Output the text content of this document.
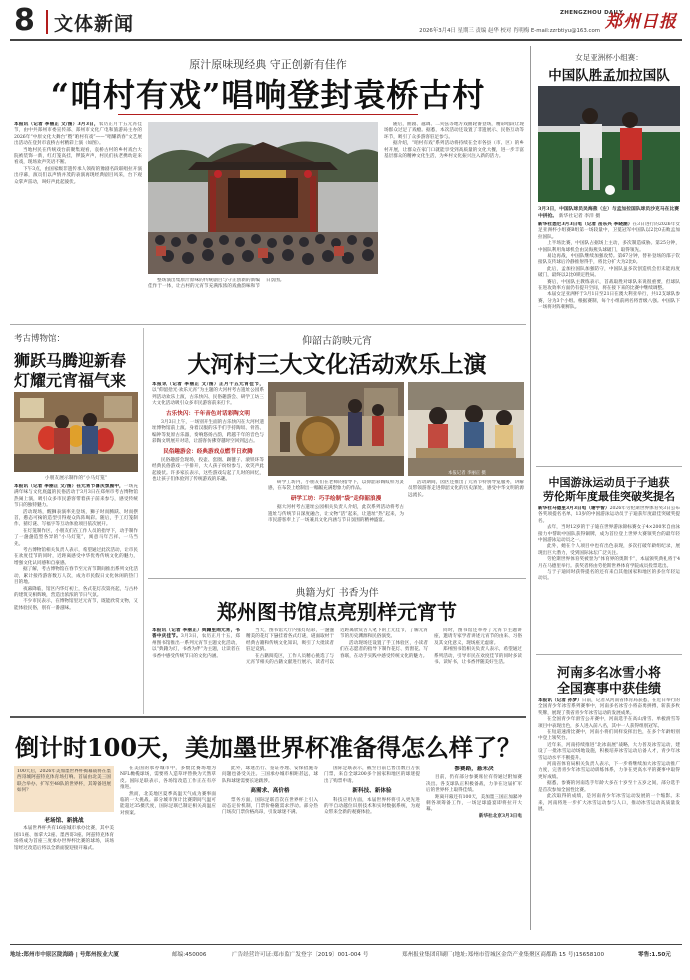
8	文体新闻	ZHENGZHOU DAILY
郑州日报
2026年3月4日 星期三 责编 赵华 校对 肖明梅 E-mail:zzrbtiyu@163.com
原汁原味现经典 守正创新有佳作
“咱村有戏”唱响登封袁桥古村

本报讯（记者 李丽正 文/图）3月3日，农历正月十五元宵佳节，由中共郑州市委宣传部、郑州市文化广电和旅游局主办的2026年“中原文化大舞台”暨“咱村有戏”——“唱耀新春”文艺展出活动在登封市袁桥古村精彩上演（如图）。

当地村民在传统戏台前聚集观看，袁桥古村的乡村戏台大院被装饰一新，红灯笼高挂，锣鼓声声，村民们扶老携幼赶来看戏，现场欢声笑语不断。

下午3点，由国家级非遗传承人领衔的豫剧名段联唱拉开演出序幕，演员们以声情并茂的表演再现经典剧目风采，台下观众掌声雷动，叫好声此起彼伏。

整场演出集原汁原味的传统剧目与守正创新的新编佳作于一体，让古村的元宵节充满浓浓的戏曲韵味和节日氛围。

随后，曲剧、越调、二夹弦等地方戏曲轮番登场，精彩唱段让现场群众过足了戏瘾。据悉，本次活动还设置了非遗展示、民俗互动等环节，吸引了众多游客驻足参与。

据介绍，“咱村有戏”系列活动将持续在全市各县（市、区）的乡村开展，让群众在家门口就能享受到高质量的文化大餐，进一步丰富基层群众的精神文化生活，为乡村文化振兴注入新的活力。

考古博物馆：
狮跃马腾迎新春
灯耀元宵福气来
小朋友展示制作的“小马灯笼”

本报讯（记者 李丽正 文/图）在元宵节喜庆氛围中，一场充满年味与文化底蕴的民俗活动于3月3日在郑州市考古博物馆热闹上演，吸引众多市民游客带着孩子前来参与，感受传统节日的独特魅力。

活动现场，醒狮表演率先登场，狮子时而腾跃、时而摆首，憨态可掬的造型引得观众阵阵喝彩。随后，手工灯笼制作、猜灯谜、写福字等互动体验项目依次展开。

在灯笼制作区，小朋友们在工作人员的指导下，动手制作了一盏盏造型各异的“小马灯笼”，寓意马年吉祥、一马当先。

考古博物馆相关负责人表示，希望通过此次活动，让市民在欢度佳节的同时，近距离感受中华优秀传统文化的魅力，增强文化认同感和自豪感。

据了解，考古博物馆在春节至元宵节期间推出系列文化活动，累计接待游客数万人次，成为市民假日文化休闲的热门目的地。

夜幕降临，馆区内华灯初上，各式花灯次第亮起，与古朴的建筑交相辉映，营造出浓浓的节日气氛。

不少市民表示，在博物馆里过元宵节，既能欣赏文物，又能体验民俗，别有一番滋味。

仰韶古韵映元宵
大河村三大文化活动欢乐上演

本报讯（记者 李丽正 文/图）正月十五元宵佳节，以“仰韶拾光·欢乐元宵”为主题的大河村考古遗址公园系列活动欢乐上演，古乐快闪、民俗趣游会、研学工坊三大文化活动吸引众多市民游客前来打卡。

古乐快闪：千年音色对话彩陶文明

3月3日上午，一场别开生面的古乐快闪在大河村遗址博物馆前上演。身着汉服的乐手们手持陶埙、骨笛、编钟等复原古乐器，奏响悠扬古韵，跨越千年的音色与彩陶文明展开对话，让游客仿佛穿越时空回到远古。

民俗趣游会：经典游戏点燃节日欢腾

民俗趣游会现场，投壶、套圈、踢毽子、滚铁环等经典民俗游戏一字排开，大人孩子纷纷参与，欢笑声此起彼伏。许多家长表示，这些游戏勾起了儿时的回忆，也让孩子们体验到了传统游戏的乐趣。

研学工坊内，小朋友们在老师的指导下，以仰韶彩陶纹样为灵感，在布袋上绘制出一幅幅充满想象力的作品。

研学工坊：巧手绘制“袋”走仰韶浪漫

据大河村考古遗址公园相关负责人介绍，此次系列活动将考古遗址与传统节日深度融合，让文物“活”起来，让遗址“热”起来，为市民游客奉上了一场兼具文化内涵与节日氛围的精神盛宴。

本报记者 李丽正 摄

活动期间，园区还推出了元宵节特别导览服务，讲解员带领游客走进仰韶文化的历史深处，感受中华文明的源远流长。

典籍为灯 书香为伴
郑州图书馆点亮别样元宵节

本报讯（记者 李丽正）典籍里闹元宵，书香中庆佳节。3月3日，农历正月十五，郑州图书馆推出一系列元宵节主题文化活动，以“典籍为灯，书香为伴”为主题，让读者在书香中感受传统节日的文化内涵。

当天，图书馆大厅内张灯结彩，一盏盏精美的花灯下悬挂着各式灯谜，谜面取材于经典古籍和传统文化知识，吸引了大批读者驻足竞猜。

在古籍阅览区，工作人员精心挑选了与元宵节相关的古籍文献进行展示，读者可以近距离欣赏古人笔下的上元佳节，了解元宵节的历史渊源和民俗演变。

活动现场还设置了手工体验区，小读者们在志愿者的指导下制作花灯、剪窗花、写春联，在动手实践中感受传统文化的魅力。

同时，图书馆还举办了元宵节主题讲座，邀请专家学者讲述元宵节的由来、习俗及其文化意义，现场座无虚席。

郑州图书馆相关负责人表示，希望通过系列活动，引导市民在欢度佳节的同时多读书、读好书，让书香伴随美好生活。

倒计时100天，美加墨世界杯准备得怎么样了？
100天后，2026年美加墨世界杯揭幕战将在墨西哥城阿兹特克体育场打响。首届由北美三国联合举办、扩军至48队的世界杯，其筹备进展如何？

老场馆、新挑战

本届世界杯共有16座城市承办比赛，其中美国11座、加拿大2座、墨西哥3座。阿兹特克体育场将成为首座三度承办世界杯比赛的球场，该场馆经过改造后将以全新面貌迎接开幕式。

在美国的承办城市中，多数比赛场地为NFL橄榄球场，需要将人造草坪替换为天然草皮。国际足联表示，各场馆改造工作正在有序推进。

然而，北美地区夏季高温天气成为赛事面临的一大挑战。部分城市预计比赛期间气温可能超过35摄氏度，国际足联已制定相关高温应对预案。

此外，球迷出行、签证办理、安保措施等问题也备受关注。三国承办城市相距甚远，球队和球迷需要长途跋涉。

高需求、高价格

票务方面，国际足联首次在世界杯上引入动态定价机制，门票价格随需求浮动。部分热门场次门票价格高昂，引发球迷不满。

国际足联表示，截至目前已售出数百万张门票，来自全球200多个国家和地区的球迷提出了购票申请。

新科技、新体验

科技应用方面，本届世界杯将引入更先进的半自动越位识别技术和实时数据系统，为观众带来全新的观赛体验。

参赛路，悬未决

目前，仍有部分参赛席位有待通过附加赛决出。各支球队正积极备战，力争在这届扩军后的世界杯上取得佳绩。

距离开幕还有100天，美加墨三国正加紧冲刺各项筹备工作，一场足球盛宴即将拉开大幕。

新华社北京3月3日电

女足亚洲杯小组赛：
中国队胜孟加拉国队
3月3日，中国队球员吴海燕（左）与孟加拉国队球员沙克马在比赛中拼抢。 新华社记者 李洋 摄

新华社悉尼3月3日电（记者 岳东兴 李晓涵）在3日进行的2026年女足亚洲杯小组赛B组第一场较量中，卫冕冠军中国队以2比0击败孟加拉国队。

上半场比赛，中国队占据场上主动，多次制造威胁。第25分钟，中国队利用角球机会由吴海燕头球破门，取得领先。

易边再战，中国队继续加强攻势。第67分钟，替补登场的邵子钦接队友传球后冷静推射得手，将比分扩大为2比0。

此后，孟加拉国队加强防守，中国队虽多次创造机会但未能再度破门，最终以2比0锁定胜局。

赛后，中国队主教练表示，首战取胜对球队来说很重要，但球队在进攻效率方面仍有提升空间，将在接下来的比赛中继续调整。

本届女足亚洲杯于3月1日至21日在澳大利亚举行，共12支球队参赛，分为3个小组。根据赛制，每个小组前两名将晋级八强。中国队下一场将对阵朝鲜队。

中国游泳运动员于子迪获
劳伦斯年度最佳突破奖提名

新华社马德里3月3日电（谢宇智）2026年劳伦斯世界体育奖3日公布各奖项提名名单，13岁的中国游泳运动员于子迪获年度最佳突破奖提名。

去年，当时12岁的于子迪在世界游泳锦标赛女子4×200米自由泳接力中帮助中国队获得铜牌，成为首位登上世界大赛领奖台的最年轻中国游泳运动员之一。

此外，她在个人项目中也有出色表现，多次打破年龄组纪录，展现出巨大潜力，受到国际泳坛广泛关注。

劳伦斯世界体育奖被誉为“体育界的奥斯卡”，本届颁奖典礼将于4月在马德里举行。获奖者将由劳伦斯世界体育学院成员投票选出。

与于子迪同时获得提名的还有来自其他国家和地区的多位年轻运动员。

河南多名冰雪小将
全国赛事中获佳绩

本报讯（记者 孙梦）日前，记者从河南省体育局获悉，在近日举行的全国青少年冰雪系列赛事中，河南多名冰雪小将奋勇拼搏，斩获多枚奖牌，展现了我省青少年冰雪运动的发展成果。

在全国青少年滑雪公开赛中，河南选手在高山滑雪、单板滑雪等项目中表现出色，多人进入前八名，其中一人获得组别冠军。

在短道速滑比赛中，河南小将们同样发挥出色，在多个年龄组别中登上领奖台。

近年来，河南持续推进“北冰南展”战略，大力普及冰雪运动，建设了一批冰雪运动场地设施，积极培养冰雪运动后备人才，青少年冰雪运动水平不断提升。

河南省体育局相关负责人表示，下一步将继续加大冰雪运动推广力度，完善青少年冰雪运动训练体系，力争在更高水平的赛事中取得更好成绩。

据悉，参赛的河南选手年龄大多在十岁至十五岁之间，部分选手是首次参加全国性比赛。

此次取得的成绩，是河南青少年冰雪运动发展的一个缩影。未来，河南将进一步扩大冰雪运动参与人口，推动冰雪运动高质量发展。

地址:郑州市中原区陇海路 | 号郑州报业大厦	邮编:450006	广告经营许可证:郑市监广发登字〔2019〕001-004 号	郑州报业集团印刷厂(地址:郑州市管城区金岱产业集聚区商都路 15 号)15658100	零售:1.50元
